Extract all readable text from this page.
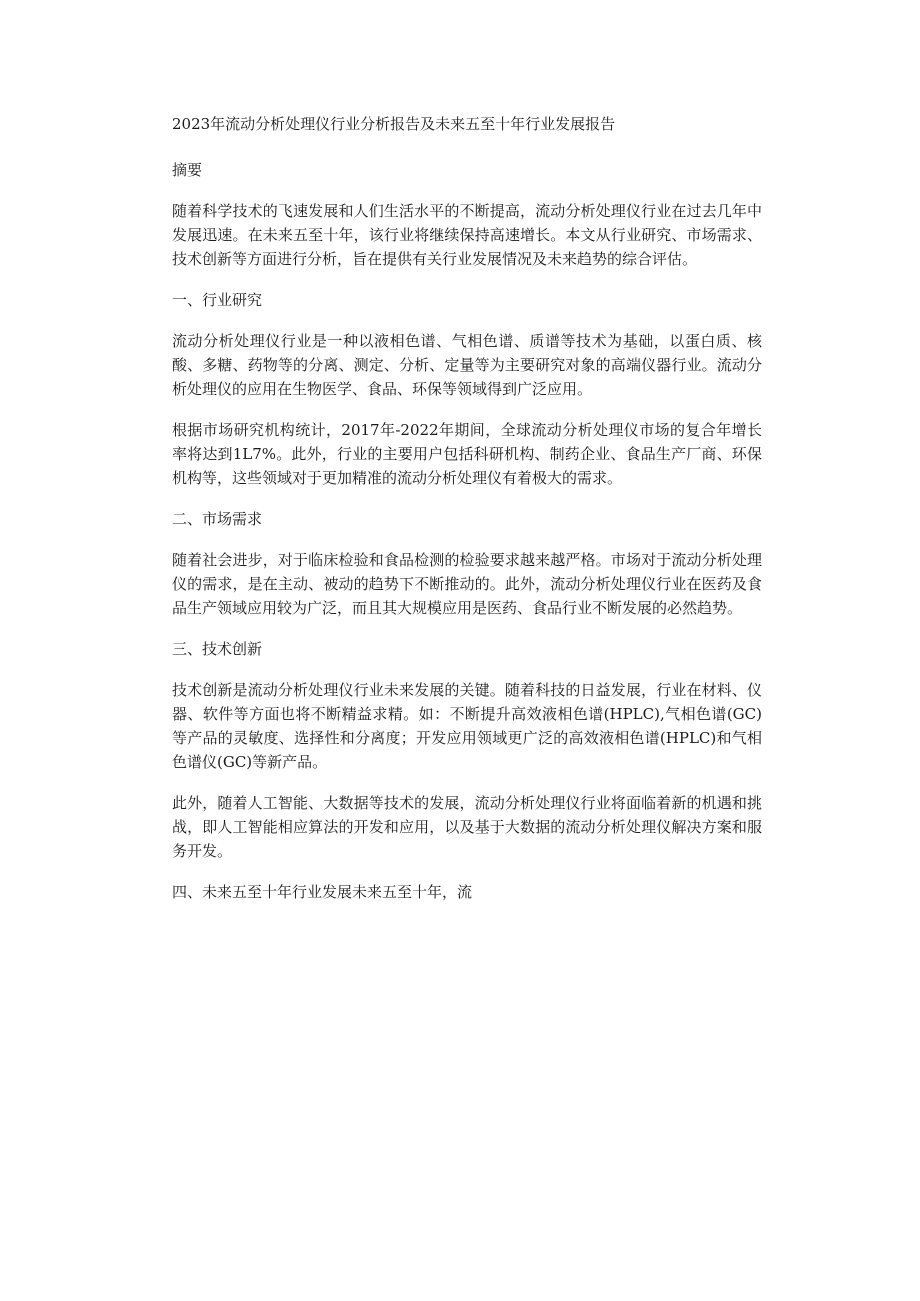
2023年流动分析处理仪行业分析报告及未来五至十年行业发展报告

摘要

随着科学技术的飞速发展和人们生活水平的不断提高，流动分析处理仪行业在过去几年中发展迅速。在未来五至十年，该行业将继续保持高速增长。本文从行业研究、市场需求、技术创新等方面进行分析，旨在提供有关行业发展情况及未来趋势的综合评估。

一、行业研究

流动分析处理仪行业是一种以液相色谱、气相色谱、质谱等技术为基础，以蛋白质、核酸、多糖、药物等的分离、测定、分析、定量等为主要研究对象的高端仪器行业。流动分析处理仪的应用在生物医学、食品、环保等领域得到广泛应用。

根据市场研究机构统计，2017年-2022年期间，全球流动分析处理仪市场的复合年增长率将达到1L7%。此外，行业的主要用户包括科研机构、制药企业、食品生产厂商、环保机构等，这些领域对于更加精准的流动分析处理仪有着极大的需求。

二、市场需求

随着社会进步，对于临床检验和食品检测的检验要求越来越严格。市场对于流动分析处理仪的需求，是在主动、被动的趋势下不断推动的。此外，流动分析处理仪行业在医药及食品生产领域应用较为广泛，而且其大规模应用是医药、食品行业不断发展的必然趋势。

三、技术创新

技术创新是流动分析处理仪行业未来发展的关键。随着科技的日益发展，行业在材料、仪器、软件等方面也将不断精益求精。如：不断提升高效液相色谱(HPLC),气相色谱(GC)等产品的灵敏度、选择性和分离度；开发应用领域更广泛的高效液相色谱(HPLC)和气相色谱仪(GC)等新产品。

此外，随着人工智能、大数据等技术的发展，流动分析处理仪行业将面临着新的机遇和挑战，即人工智能相应算法的开发和应用，以及基于大数据的流动分析处理仪解决方案和服务开发。

四、未来五至十年行业发展未来五至十年，流
